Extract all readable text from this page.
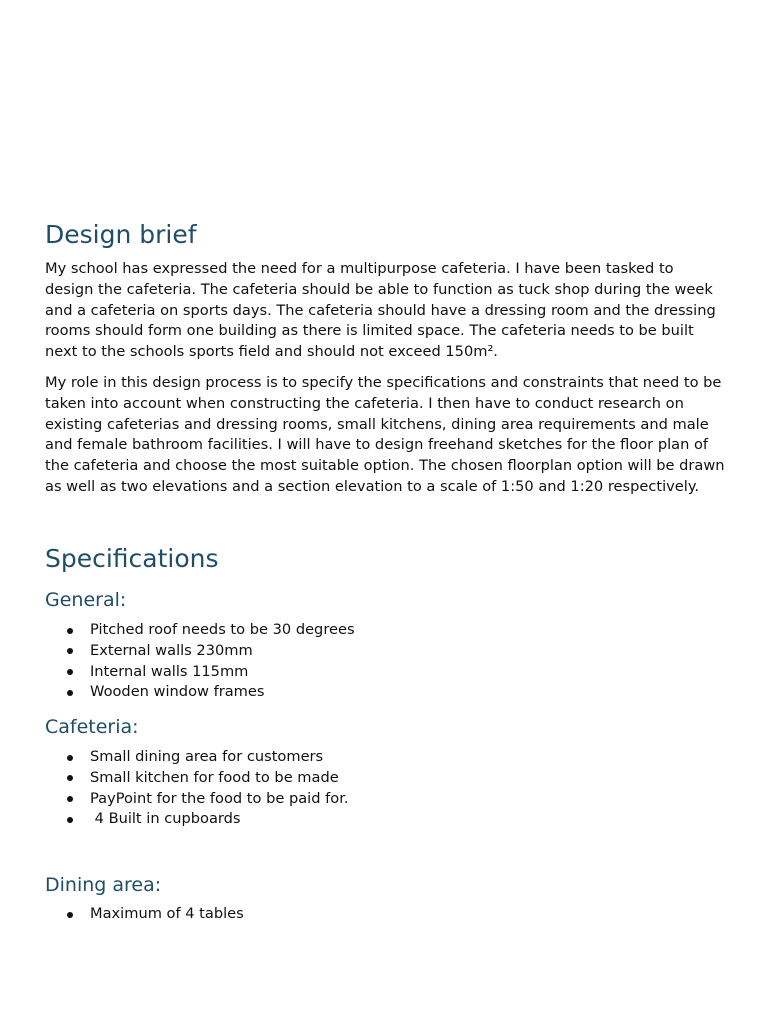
Design brief

My school has expressed the need for a multipurpose cafeteria. I have been tasked to design the cafeteria. The cafeteria should be able to function as tuck shop during the week and a cafeteria on sports days. The cafeteria should have a dressing room and the dressing rooms should form one building as there is limited space. The cafeteria needs to be built next to the schools sports field and should not exceed 150m².

My role in this design process is to specify the specifications and constraints that need to be taken into account when constructing the cafeteria. I then have to conduct research on existing cafeterias and dressing rooms, small kitchens, dining area requirements and male and female bathroom facilities. I will have to design freehand sketches for the floor plan of the cafeteria and choose the most suitable option. The chosen floorplan option will be drawn as well as two elevations and a section elevation to a scale of 1:50 and 1:20 respectively.

Specifications
General:
Pitched roof needs to be 30 degrees
External walls 230mm
Internal walls 115mm
Wooden window frames
Cafeteria:
Small dining area for customers
Small kitchen for food to be made
PayPoint for the food to be paid for.
4 Built in cupboards
Dining area:
Maximum of 4 tables
